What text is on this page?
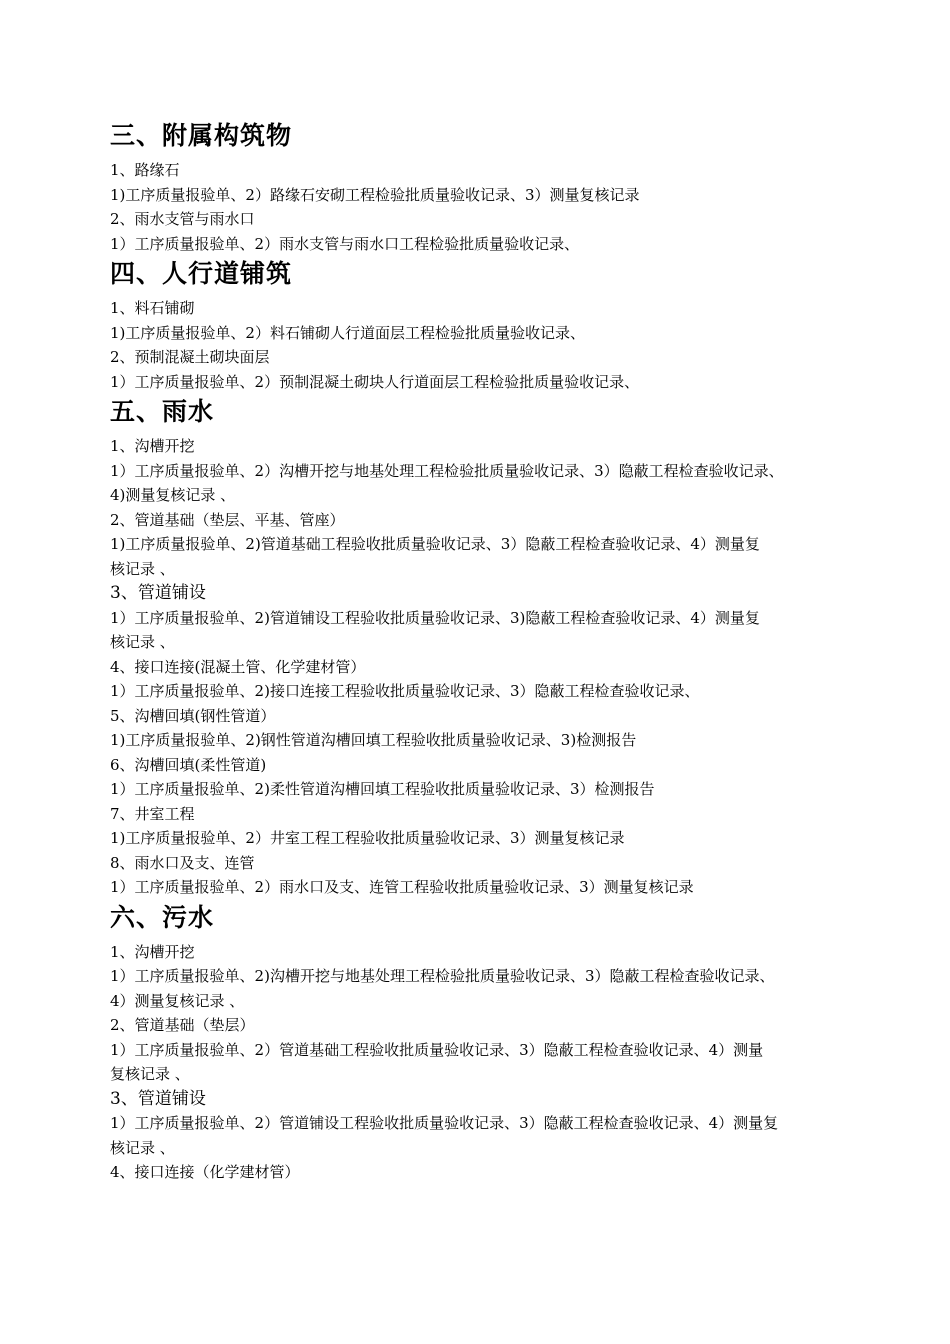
三、附属构筑物

1、路缘石

1)工序质量报验单、2）路缘石安砌工程检验批质量验收记录、3）测量复核记录

2、雨水支管与雨水口

1）工序质量报验单、2）雨水支管与雨水口工程检验批质量验收记录、

四、人行道铺筑

1、料石铺砌

1)工序质量报验单、2）料石铺砌人行道面层工程检验批质量验收记录、

2、预制混凝土砌块面层

1）工序质量报验单、2）预制混凝土砌块人行道面层工程检验批质量验收记录、

五、雨水

1、沟槽开挖

1）工序质量报验单、2）沟槽开挖与地基处理工程检验批质量验收记录、3）隐蔽工程检查验收记录、

4)测量复核记录 、

2、管道基础（垫层、平基、管座）

1)工序质量报验单、2)管道基础工程验收批质量验收记录、3）隐蔽工程检查验收记录、4）测量复

核记录 、

3、管道铺设

1）工序质量报验单、2)管道铺设工程验收批质量验收记录、3)隐蔽工程检查验收记录、4）测量复

核记录 、

4、接口连接(混凝土管、化学建材管）

1）工序质量报验单、2)接口连接工程验收批质量验收记录、3）隐蔽工程检查验收记录、

5、沟槽回填(钢性管道）

1)工序质量报验单、2)钢性管道沟槽回填工程验收批质量验收记录、3)检测报告

6、沟槽回填(柔性管道)

1）工序质量报验单、2)柔性管道沟槽回填工程验收批质量验收记录、3）检测报告

7、井室工程

1)工序质量报验单、2）井室工程工程验收批质量验收记录、3）测量复核记录

8、雨水口及支、连管

1）工序质量报验单、2）雨水口及支、连管工程验收批质量验收记录、3）测量复核记录

六、污水

1、沟槽开挖

1）工序质量报验单、2)沟槽开挖与地基处理工程检验批质量验收记录、3）隐蔽工程检查验收记录、

4）测量复核记录 、

2、管道基础（垫层）

1）工序质量报验单、2）管道基础工程验收批质量验收记录、3）隐蔽工程检查验收记录、4）测量

复核记录 、

3、管道铺设

1）工序质量报验单、2）管道铺设工程验收批质量验收记录、3）隐蔽工程检查验收记录、4）测量复

核记录 、

4、接口连接（化学建材管）
